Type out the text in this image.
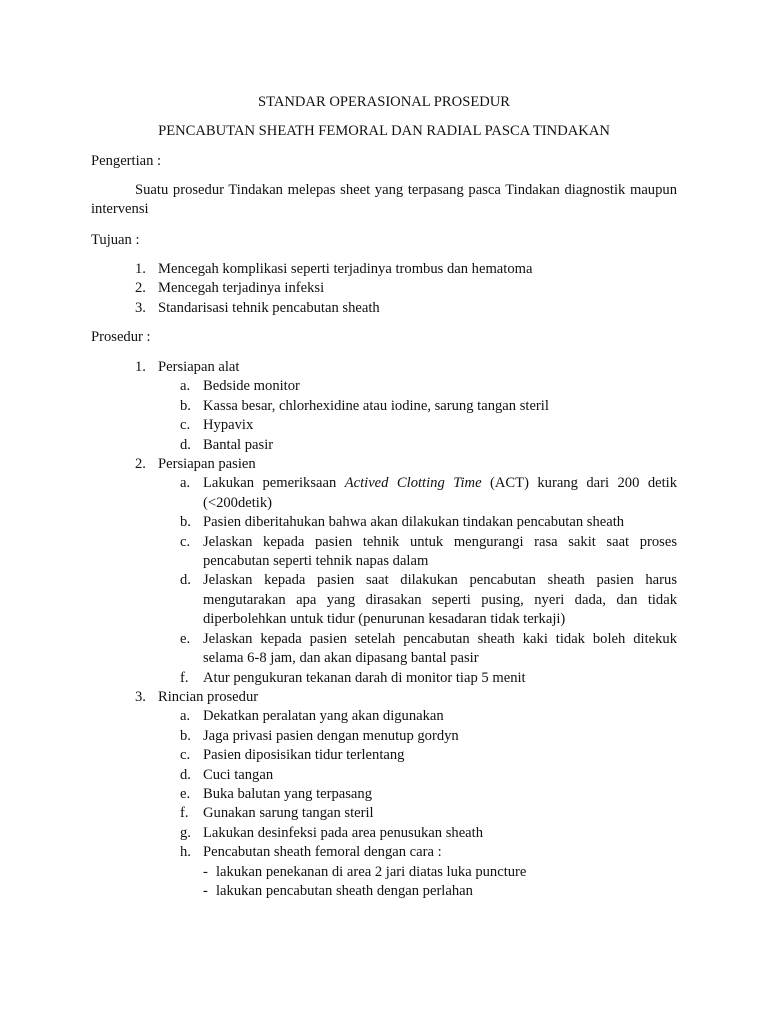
STANDAR OPERASIONAL PROSEDUR
PENCABUTAN SHEATH FEMORAL DAN RADIAL PASCA TINDAKAN
Pengertian :

Suatu prosedur Tindakan melepas sheet yang terpasang pasca Tindakan diagnostik maupun intervensi

Tujuan :
1. Mencegah komplikasi seperti terjadinya trombus dan hematoma
2. Mencegah terjadinya infeksi
3. Standarisasi tehnik pencabutan sheath
Prosedur :
1. Persiapan alat
a. Bedside monitor
b. Kassa besar, chlorhexidine atau iodine, sarung tangan steril
c. Hypavix
d. Bantal pasir
2. Persiapan pasien
a. Lakukan pemeriksaan Actived Clotting Time (ACT) kurang dari 200 detik (<200detik)
b. Pasien diberitahukan bahwa akan dilakukan tindakan pencabutan sheath
c. Jelaskan kepada pasien tehnik untuk mengurangi rasa sakit saat proses pencabutan seperti tehnik napas dalam
d. Jelaskan kepada pasien saat dilakukan pencabutan sheath pasien harus mengutarakan apa yang dirasakan seperti pusing, nyeri dada, dan tidak diperbolehkan untuk tidur (penurunan kesadaran tidak terkaji)
e. Jelaskan kepada pasien setelah pencabutan sheath kaki tidak boleh ditekuk selama 6-8 jam, dan akan dipasang bantal pasir
f. Atur pengukuran tekanan darah di monitor tiap 5 menit
3. Rincian prosedur
a. Dekatkan peralatan yang akan digunakan
b. Jaga privasi pasien dengan menutup gordyn
c. Pasien diposisikan tidur terlentang
d. Cuci tangan
e. Buka balutan yang terpasang
f. Gunakan sarung tangan steril
g. Lakukan desinfeksi pada area penusukan sheath
h. Pencabutan sheath femoral dengan cara :
- lakukan penekanan di area 2 jari diatas luka puncture
- lakukan pencabutan sheath dengan perlahan
